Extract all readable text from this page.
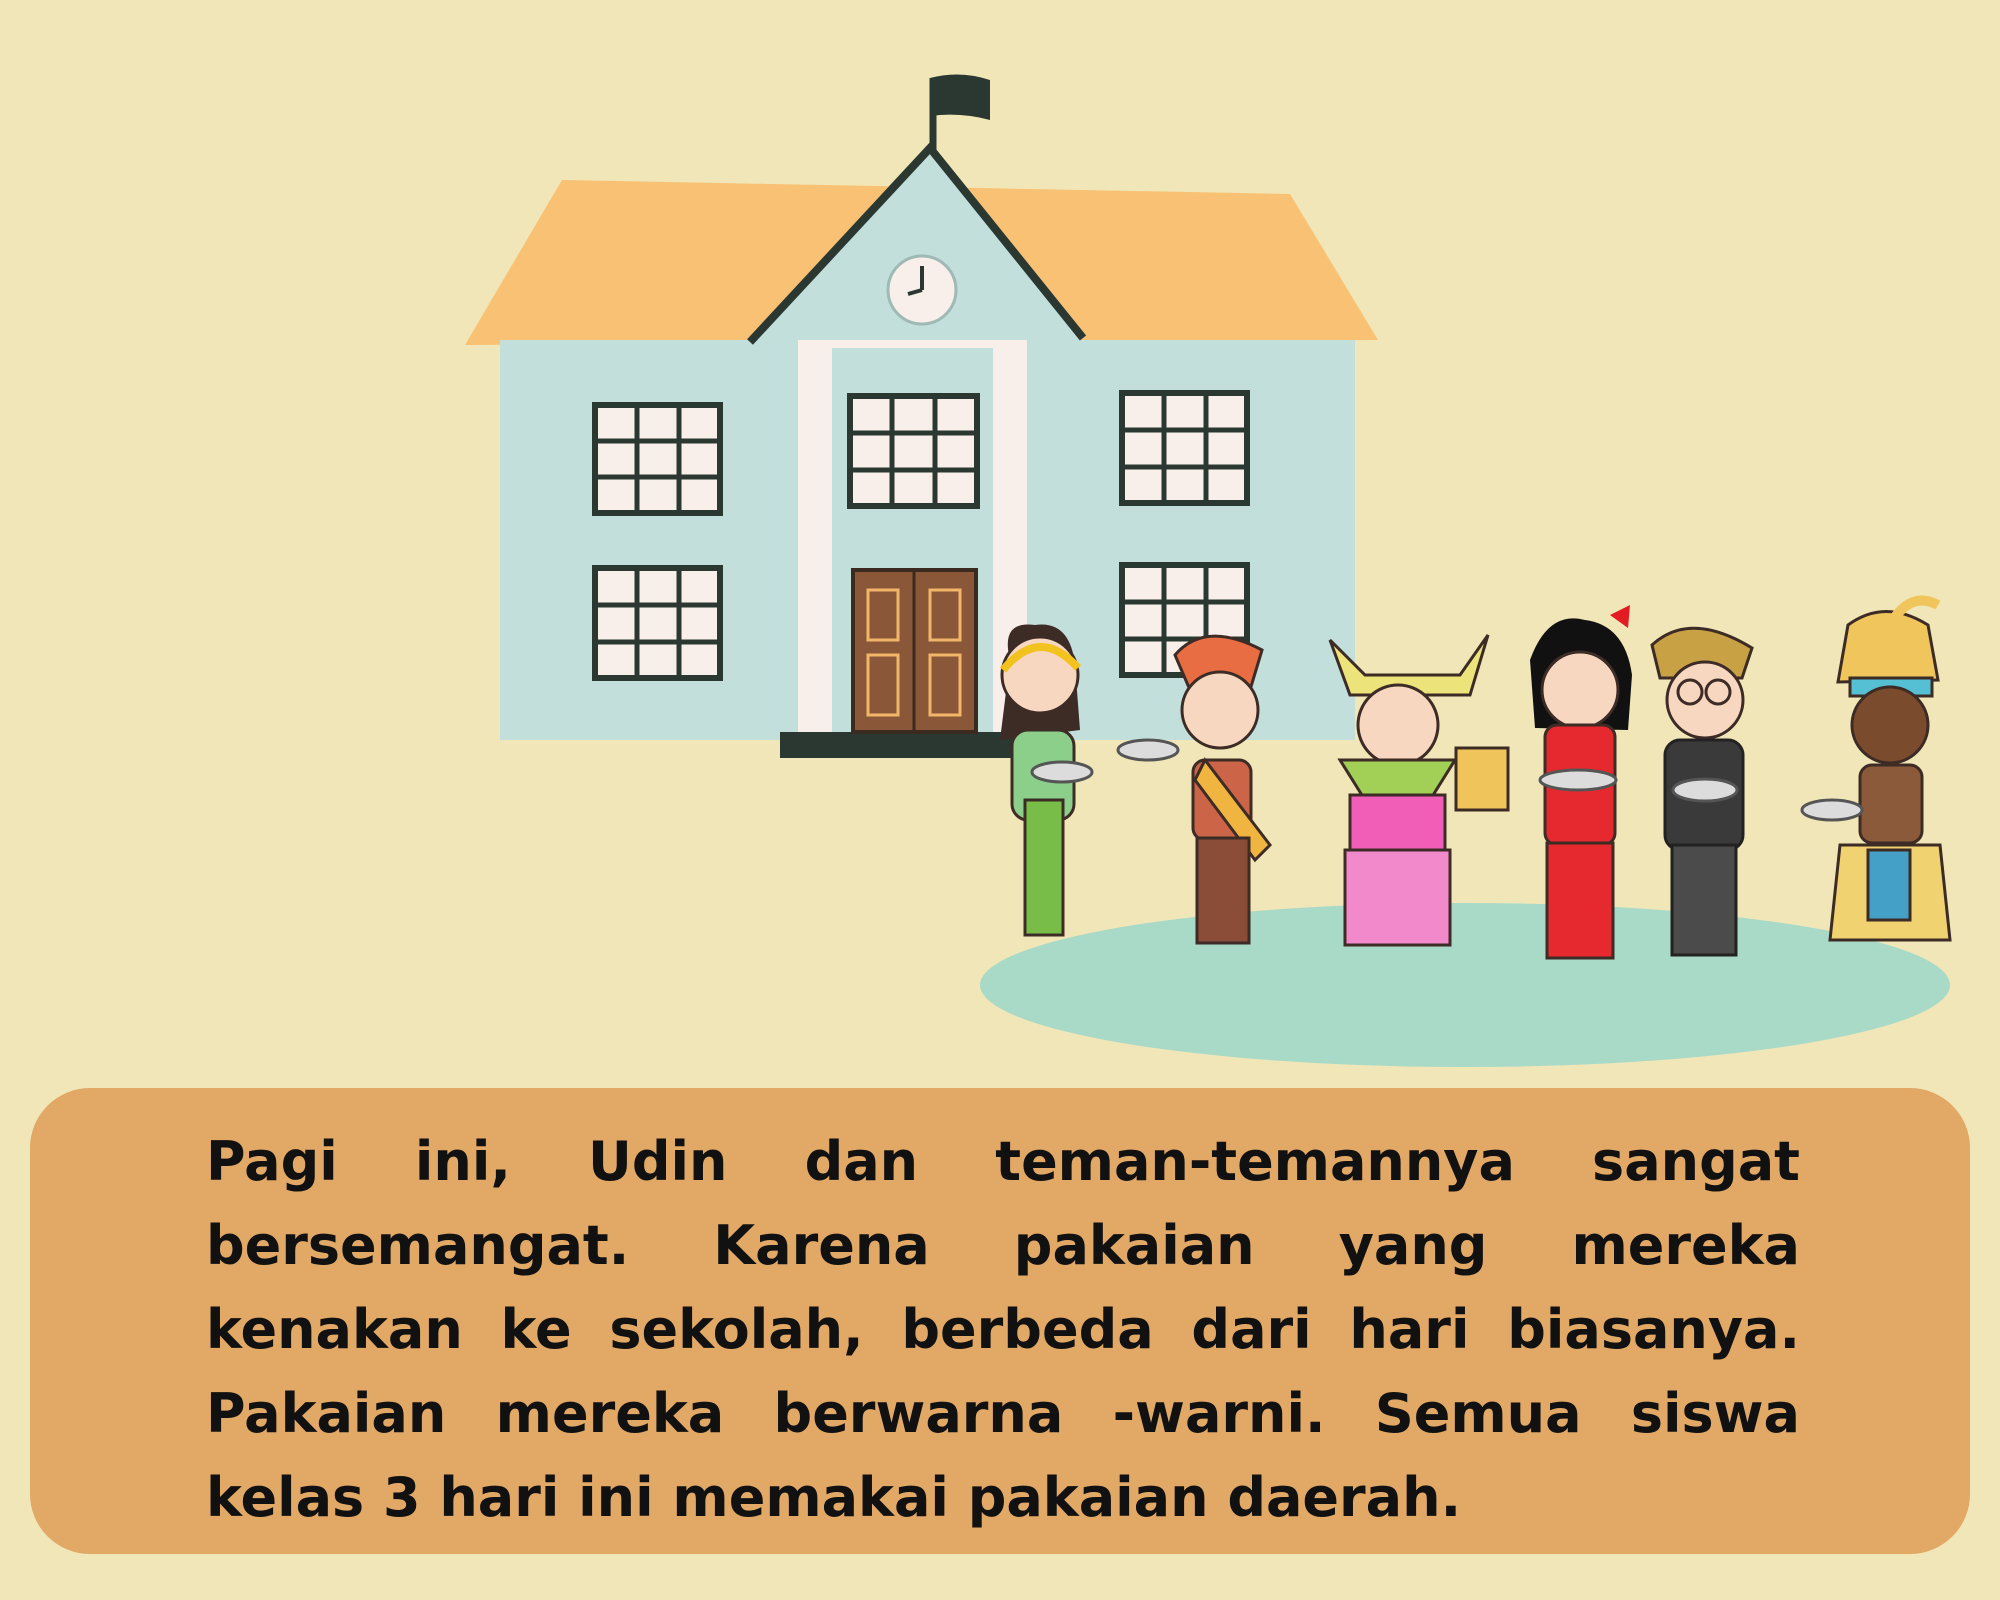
Pagi ini, Udin dan teman-temannya sangat bersemangat. Karena pakaian yang mereka kenakan ke sekolah, berbeda dari hari biasanya. Pakaian mereka berwarna -warni. Semua siswa kelas 3 hari ini memakai pakaian daerah.
